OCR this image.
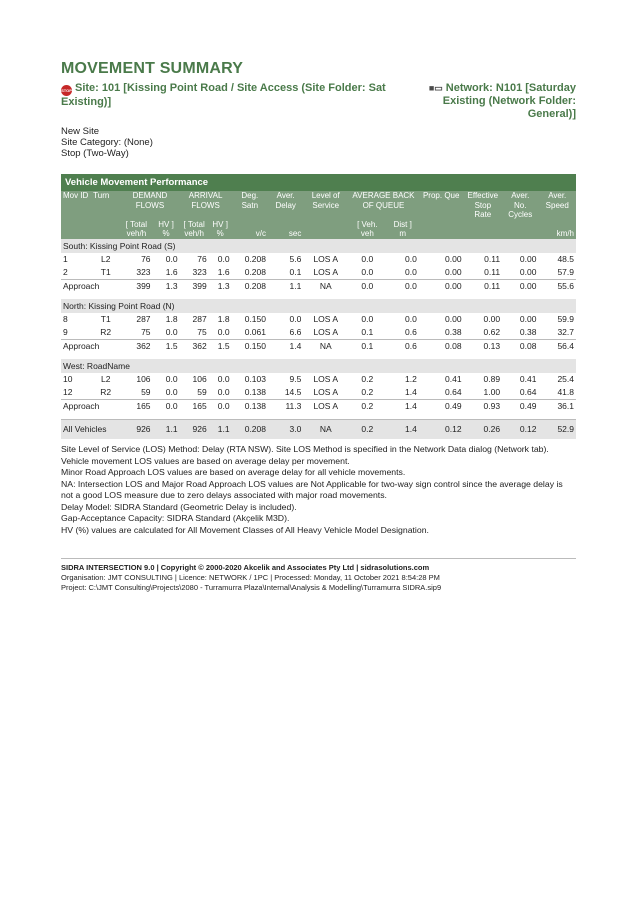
MOVEMENT SUMMARY
STOP Site: 101 [Kissing Point Road / Site Access (Site Folder: Sat Existing)]
■▭ Network: N101 [Saturday Existing (Network Folder: General)]
New Site
Site Category: (None)
Stop (Two-Way)
Vehicle Movement Performance
Mov ID	Turn	DEMAND FLOWS		ARRIVAL FLOWS		Deg. Satn	Aver. Delay	Level of Service	AVERAGE BACK OF QUEUE		Prop. Que	Effective Stop Rate	Aver. No. Cycles	Aver. Speed
		[ Total	HV ]	[ Total	HV ]				[ Veh.	Dist ]				
		veh/h	%	veh/h	%	v/c	sec		veh	m				km/h
South: Kissing Point Road (S)														
1	L2	76	0.0	76	0.0	0.208	5.6	LOS A	0.0	0.0	0.00	0.11	0.00	48.5
2	T1	323	1.6	323	1.6	0.208	0.1	LOS A	0.0	0.0	0.00	0.11	0.00	57.9
Approach		399	1.3	399	1.3	0.208	1.1	NA	0.0	0.0	0.00	0.11	0.00	55.6

North: Kissing Point Road (N)														
8	T1	287	1.8	287	1.8	0.150	0.0	LOS A	0.0	0.0	0.00	0.00	0.00	59.9
9	R2	75	0.0	75	0.0	0.061	6.6	LOS A	0.1	0.6	0.38	0.62	0.38	32.7
Approach		362	1.5	362	1.5	0.150	1.4	NA	0.1	0.6	0.08	0.13	0.08	56.4

West: RoadName														
10	L2	106	0.0	106	0.0	0.103	9.5	LOS A	0.2	1.2	0.41	0.89	0.41	25.4
12	R2	59	0.0	59	0.0	0.138	14.5	LOS A	0.2	1.4	0.64	1.00	0.64	41.8
Approach		165	0.0	165	0.0	0.138	11.3	LOS A	0.2	1.4	0.49	0.93	0.49	36.1

All Vehicles		926	1.1	926	1.1	0.208	3.0	NA	0.2	1.4	0.12	0.26	0.12	52.9
Site Level of Service (LOS) Method: Delay (RTA NSW). Site LOS Method is specified in the Network Data dialog (Network tab).
Vehicle movement LOS values are based on average delay per movement.
Minor Road Approach LOS values are based on average delay for all vehicle movements.
NA: Intersection LOS and Major Road Approach LOS values are Not Applicable for two-way sign control since the average delay is not a good LOS measure due to zero delays associated with major road movements.
Delay Model: SIDRA Standard (Geometric Delay is included).
Gap-Acceptance Capacity: SIDRA Standard (Akçelik M3D).
HV (%) values are calculated for All Movement Classes of All Heavy Vehicle Model Designation.
SIDRA INTERSECTION 9.0 | Copyright © 2000-2020 Akcelik and Associates Pty Ltd | sidrasolutions.com
Organisation: JMT CONSULTING | Licence: NETWORK / 1PC | Processed: Monday, 11 October 2021 8:54:28 PM
Project: C:\JMT Consulting\Projects\2080 - Turramurra Plaza\Internal\Analysis & Modelling\Turramurra SIDRA.sip9
